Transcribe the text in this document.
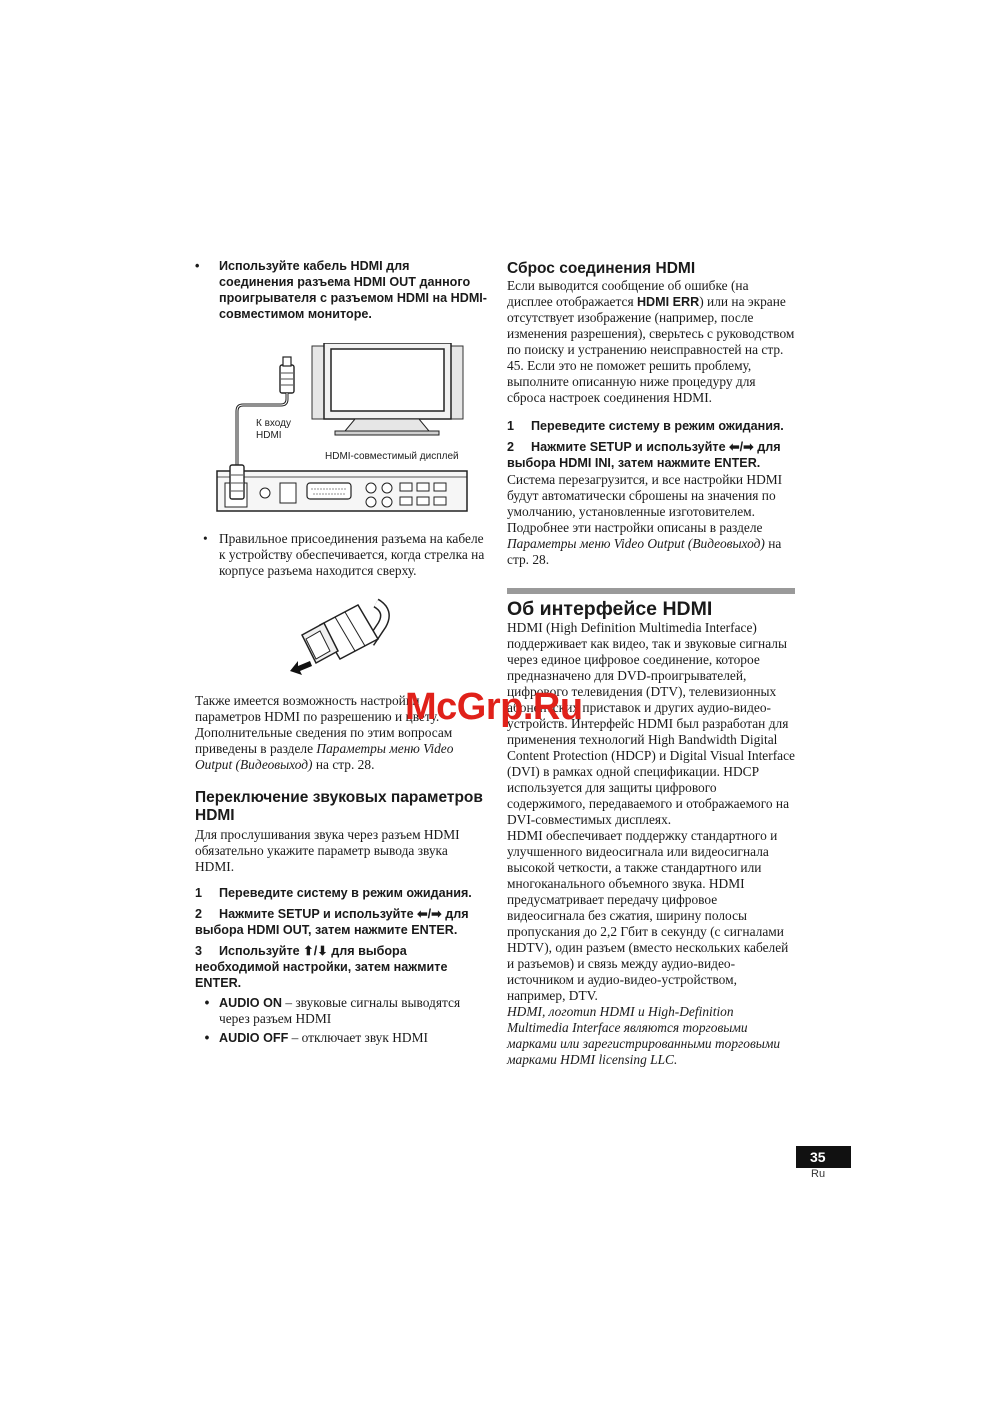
•	Используйте кабель HDMI для соединения разъема HDMI OUT данного проигрывателя с разъемом HDMI на HDMI-совместимом мониторе.
К входу
HDMI
HDMI-совместимый дисплей
• Правильное присоединения разъема на кабеле к устройству обеспечивается, когда стрелка на корпусе разъема находится сверху.

Также имеется возможность настройки параметров HDMI по разрешению и цвету. Дополнительные сведения по этим вопросам приведены в разделе Параметры меню Video Output (Видеовыход) на стр. 28.

Переключение звуковых параметров HDMI

Для прослушивания звука через разъем HDMI обязательно укажите параметр вывода звука HDMI.

1 Переведите систему в режим ожидания.

2 Нажмите SETUP и используйте ⬅/➡ для выбора HDMI OUT, затем нажмите ENTER.

3 Используйте ⬆/⬇ для выбора необходимой настройки, затем нажмите ENTER.

• AUDIO ON – звуковые сигналы выводятся через разъем HDMI
• AUDIO OFF – отключает звук HDMI
Сброс соединения HDMI

Если выводится сообщение об ошибке (на дисплее отображается HDMI ERR) или на экране отсутствует изображение (например, после изменения разрешения), сверьтесь с руководством по поиску и устранению неисправностей на стр. 45. Если это не поможет решить проблему, выполните описанную ниже процедуру для сброса настроек соединения HDMI.

1 Переведите систему в режим ожидания.

2 Нажмите SETUP и используйте ⬅/➡ для выбора HDMI INI, затем нажмите ENTER.

Система перезагрузится, и все настройки HDMI будут автоматически сброшены на значения по умолчанию, установленные изготовителем. Подробнее эти настройки описаны в разделе Параметры меню Video Output (Видеовыход) на стр. 28.

Об интерфейсе HDMI

HDMI (High Definition Multimedia Interface) поддерживает как видео, так и звуковые сигналы через единое цифровое соединение, которое предназначено для DVD-проигрывателей, цифрового телевидения (DTV), телевизионных абонентских приставок и других аудио-видео-устройств. Интерфейс HDMI был разработан для применения технологий High Bandwidth Digital Content Protection (HDCP) и Digital Visual Interface (DVI) в рамках одной спецификации. HDCP используется для защиты цифрового содержимого, передаваемого и отображаемого на DVI-совместимых дисплеях.

HDMI обеспечивает поддержку стандартного и улучшенного видеосигнала или видеосигнала высокой четкости, а также стандартного или многоканального объемного звука. HDMI предусматривает передачу цифровое видеосигнала без сжатия, ширину полосы пропускания до 2,2 Гбит в секунду (с сигналами HDTV), один разъем (вместо нескольких кабелей и разъемов) и связь между аудио-видео-источником и аудио-видео-устройством, например, DTV.

HDMI, логотип HDMI и High-Definition Multimedia Interface являются торговыми марками или зарегистрированными торговыми марками HDMI licensing LLC.

McGrp.Ru
35
Ru
